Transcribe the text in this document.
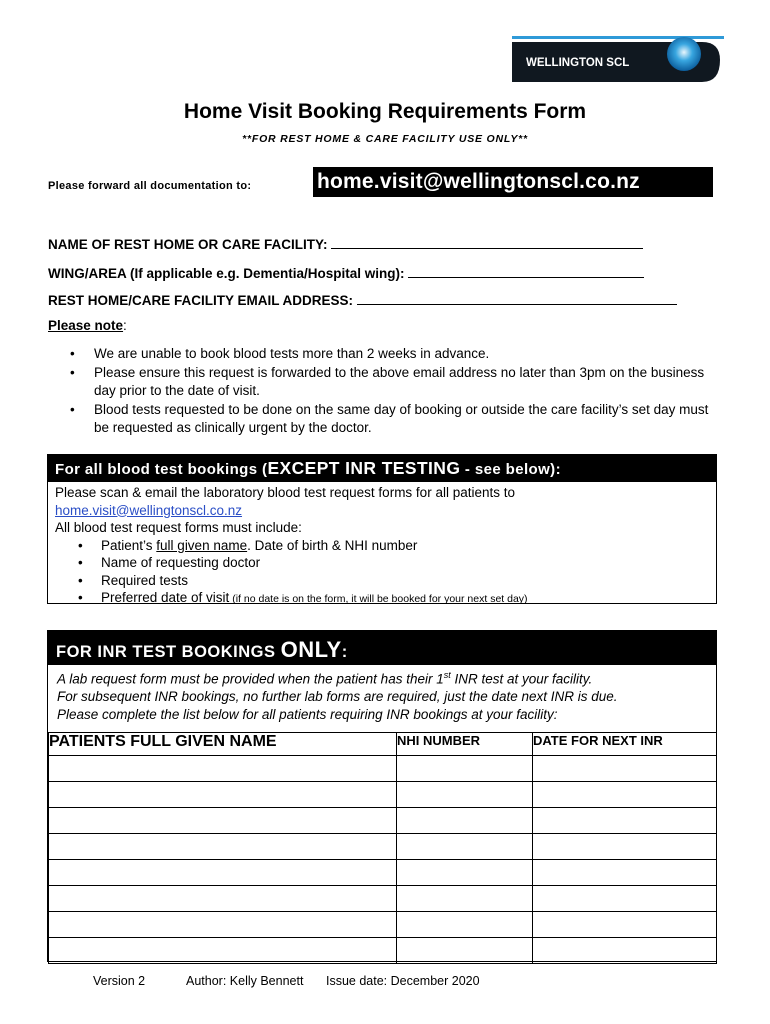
WELLINGTON SCL
Home Visit Booking Requirements Form
**FOR REST HOME & CARE FACILITY USE ONLY**
Please forward all documentation to:	home.visit@wellingtonscl.co.nz
NAME OF REST HOME OR CARE FACILITY:
WING/AREA (If applicable e.g. Dementia/Hospital wing):
REST HOME/CARE FACILITY EMAIL ADDRESS:
Please note:
• We are unable to book blood tests more than 2 weeks in advance.
• Please ensure this request is forwarded to the above email address no later than 3pm on the business day prior to the date of visit.
• Blood tests requested to be done on the same day of booking or outside the care facility’s set day must be requested as clinically urgent by the doctor.
For all blood test bookings (EXCEPT INR TESTING - see below):
Please scan & email the laboratory blood test request forms for all patients to
home.visit@wellingtonscl.co.nz
All blood test request forms must include:
• Patient’s full given name. Date of birth & NHI number
• Name of requesting doctor
• Required tests
• Preferred date of visit (if no date is on the form, it will be booked for your next set day)
FOR INR TEST BOOKINGS ONLY:
A lab request form must be provided when the patient has their 1st INR test at your facility.
For subsequent INR bookings, no further lab forms are required, just the date next INR is due.
Please complete the list below for all patients requiring INR bookings at your facility:
PATIENTS FULL GIVEN NAME	NHI NUMBER	DATE FOR NEXT INR

Version 2	Author: Kelly Bennett Issue date: December 2020
